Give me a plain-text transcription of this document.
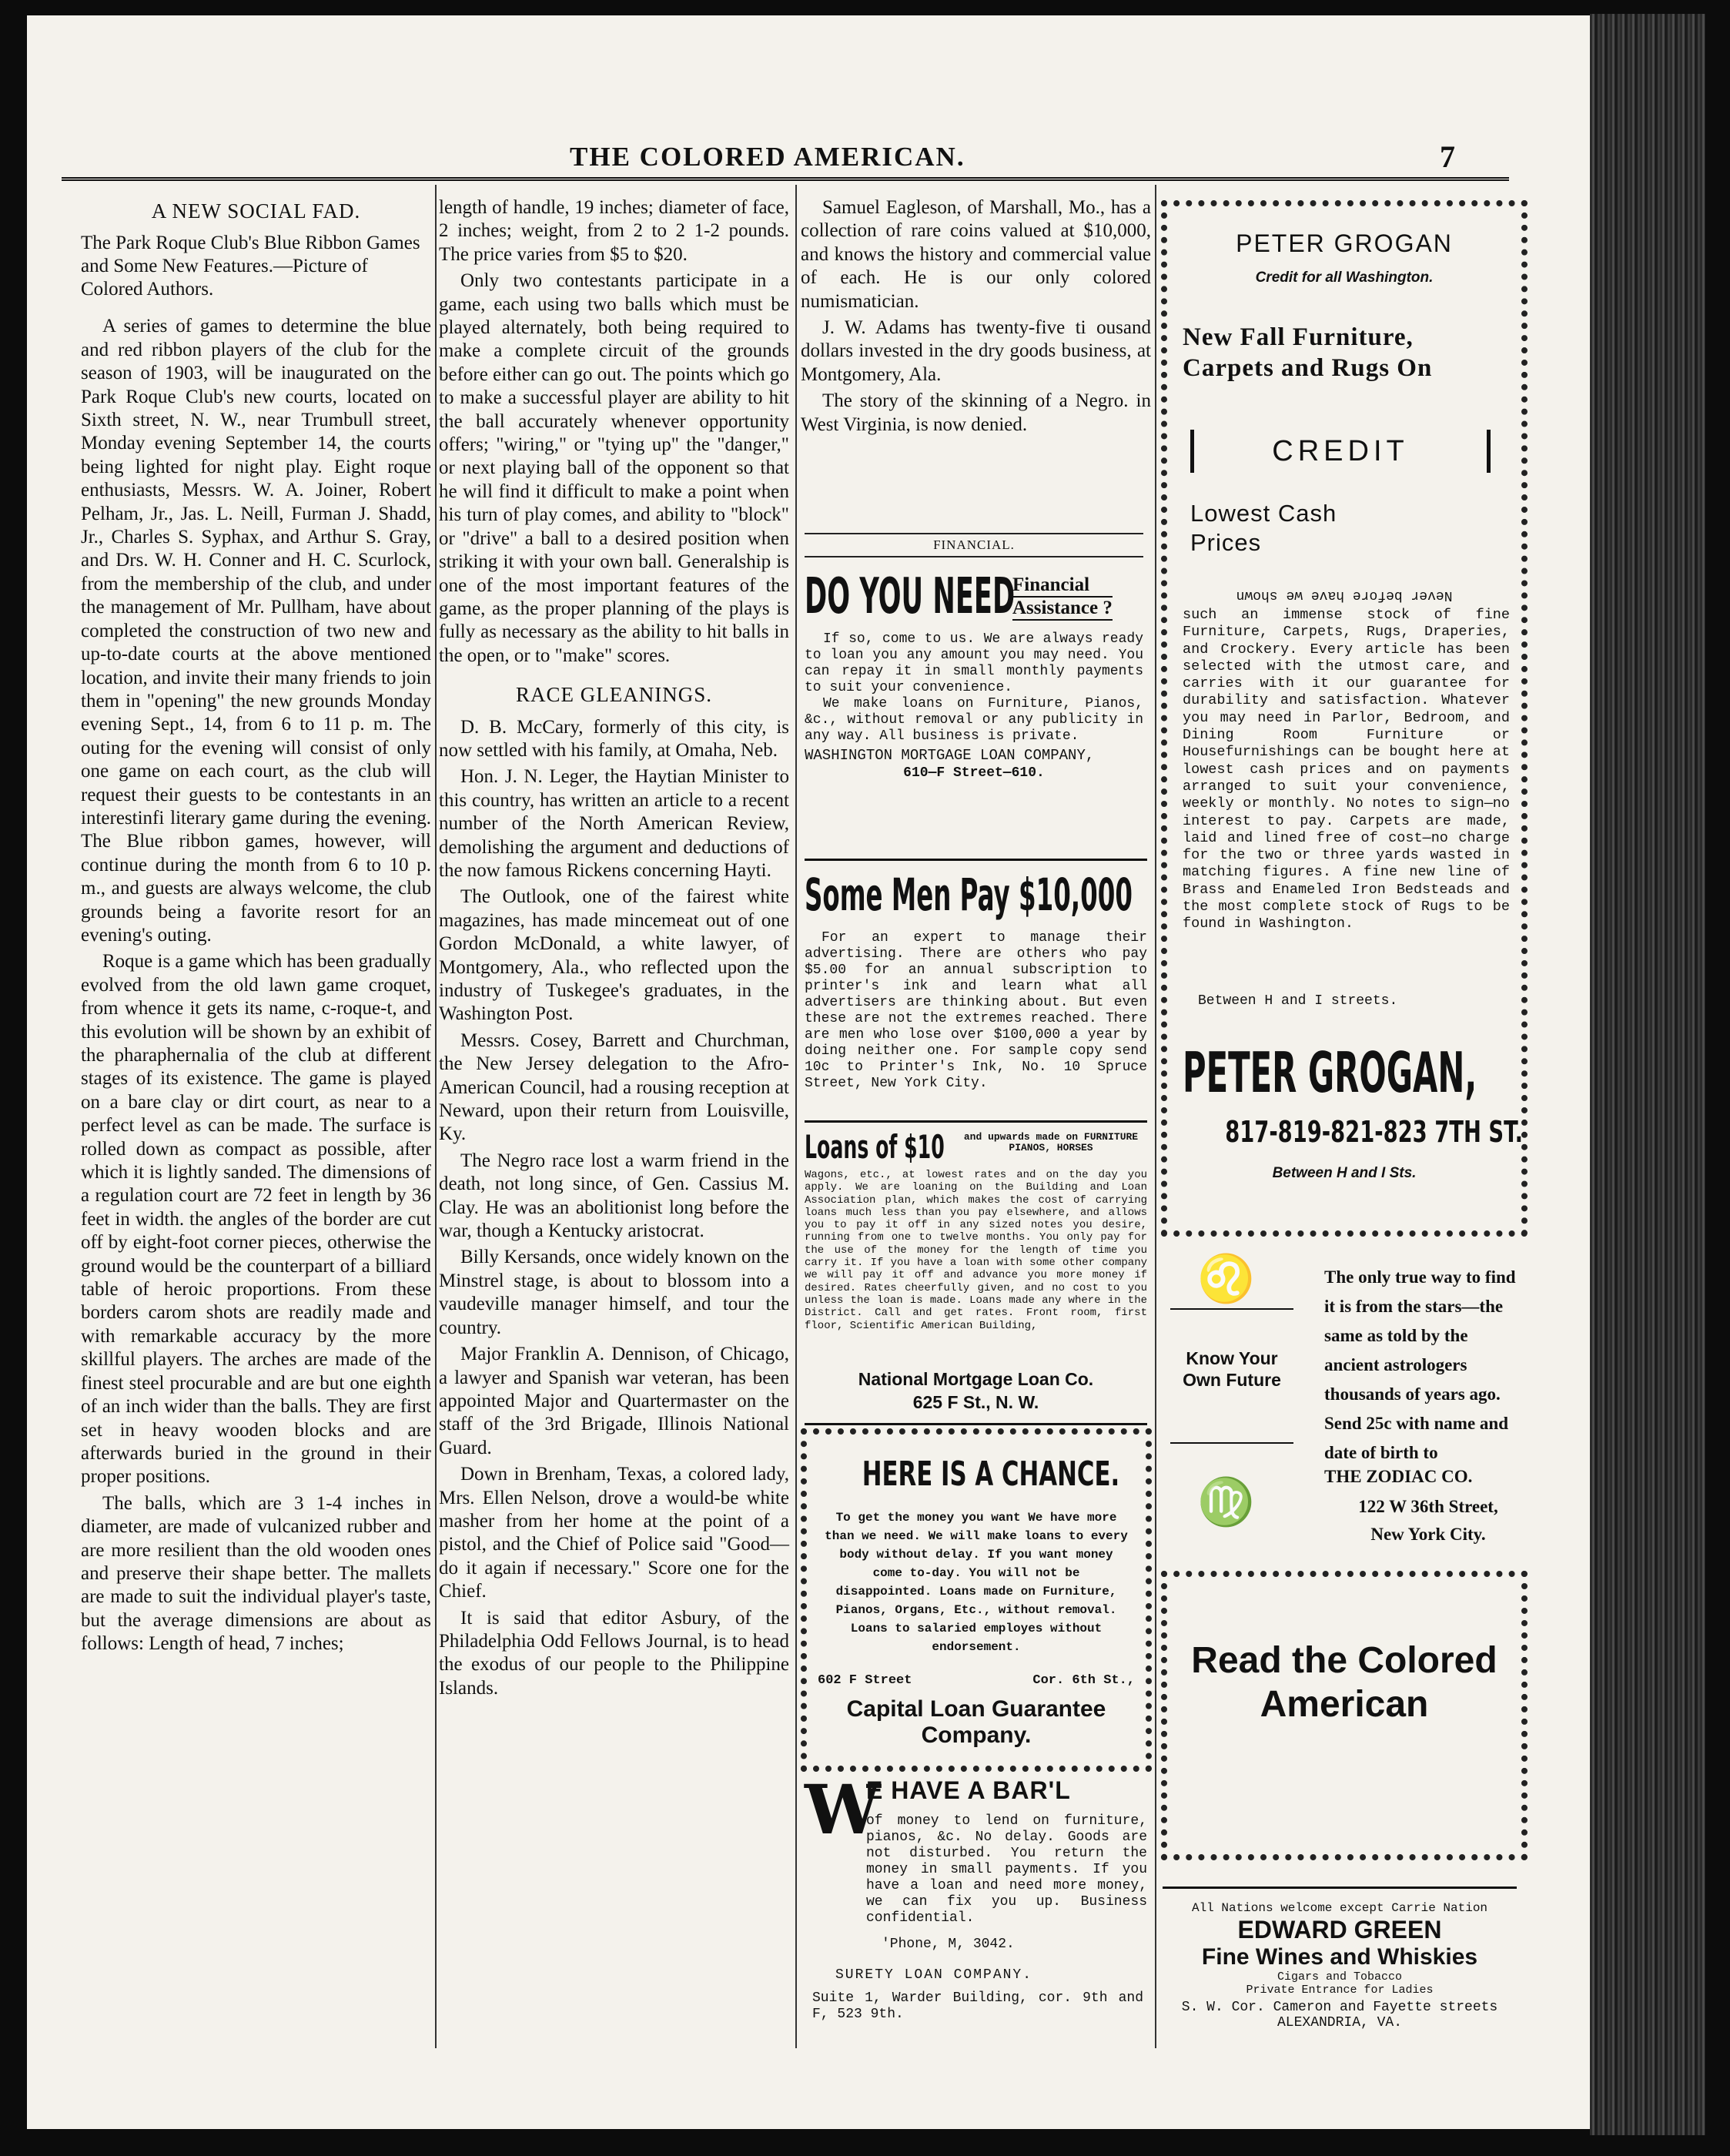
THE COLORED AMERICAN.	7
A NEW SOCIAL FAD.

The Park Roque Club's Blue Ribbon Games and Some New Features.—Picture of Colored Authors.

A series of games to determine the blue and red ribbon players of the club for the season of 1903, will be inaugurated on the Park Roque Club's new courts, located on Sixth street, N. W., near Trumbull street, Monday evening September 14, the courts being lighted for night play. Eight roque enthusiasts, Messrs. W. A. Joiner, Robert Pelham, Jr., Jas. L. Neill, Furman J. Shadd, Jr., Charles S. Syphax, and Arthur S. Gray, and Drs. W. H. Conner and H. C. Scurlock, from the membership of the club, and under the management of Mr. Pullham, have about completed the construction of two new and up-to-date courts at the above mentioned location, and invite their many friends to join them in "opening" the new grounds Monday evening Sept., 14, from 6 to 11 p. m. The outing for the evening will consist of only one game on each court, as the club will request their guests to be contestants in an interestinfi literary game during the evening. The Blue ribbon games, however, will continue during the month from 6 to 10 p. m., and guests are always welcome, the club grounds being a favorite resort for an evening's outing.

Roque is a game which has been gradually evolved from the old lawn game croquet, from whence it gets its name, c-roque-t, and this evolution will be shown by an exhibit of the pharaphernalia of the club at different stages of its existence. The game is played on a bare clay or dirt court, as near to a perfect level as can be made. The surface is rolled down as compact as possible, after which it is lightly sanded. The dimensions of a regulation court are 72 feet in length by 36 feet in width. the angles of the border are cut off by eight-foot corner pieces, otherwise the ground would be the counterpart of a billiard table of heroic proportions. From these borders carom shots are readily made and with remarkable accuracy by the more skillful players. The arches are made of the finest steel procurable and are but one eighth of an inch wider than the balls. They are first set in heavy wooden blocks and are afterwards buried in the ground in their proper positions.

The balls, which are 3 1-4 inches in diameter, are made of vulcanized rubber and are more resilient than the old wooden ones and preserve their shape better. The mallets are made to suit the individual player's taste, but the average dimensions are about as follows: Length of head, 7 inches;

length of handle, 19 inches; diameter of face, 2 inches; weight, from 2 to 2 1-2 pounds. The price varies from $5 to $20.

Only two contestants participate in a game, each using two balls which must be played alternately, both being required to make a complete circuit of the grounds before either can go out. The points which go to make a successful player are ability to hit the ball accurately whenever opportunity offers; "wiring," or "tying up" the "danger," or next playing ball of the opponent so that he will find it difficult to make a point when his turn of play comes, and ability to "block" or "drive" a ball to a desired position when striking it with your own ball. Generalship is one of the most important features of the game, as the proper planning of the plays is fully as necessary as the ability to hit balls in the open, or to "make" scores.

RACE GLEANINGS.

D. B. McCary, formerly of this city, is now settled with his family, at Omaha, Neb.

Hon. J. N. Leger, the Haytian Minister to this country, has written an article to a recent number of the North American Review, demolishing the argument and deductions of the now famous Rickens concerning Hayti.

The Outlook, one of the fairest white magazines, has made mincemeat out of one Gordon McDonald, a white lawyer, of Montgomery, Ala., who reflected upon the industry of Tuskegee's graduates, in the Washington Post.

Messrs. Cosey, Barrett and Churchman, the New Jersey delegation to the Afro-American Council, had a rousing reception at Neward, upon their return from Louisville, Ky.

The Negro race lost a warm friend in the death, not long since, of Gen. Cassius M. Clay. He was an abolitionist long before the war, though a Kentucky aristocrat.

Billy Kersands, once widely known on the Minstrel stage, is about to blossom into a vaudeville manager himself, and tour the country.

Major Franklin A. Dennison, of Chicago, a lawyer and Spanish war veteran, has been appointed Major and Quartermaster on the staff of the 3rd Brigade, Illinois National Guard.

Down in Brenham, Texas, a colored lady, Mrs. Ellen Nelson, drove a would-be white masher from her home at the point of a pistol, and the Chief of Police said "Good—do it again if necessary." Score one for the Chief.

It is said that editor Asbury, of the Philadelphia Odd Fellows Journal, is to head the exodus of our people to the Philippine Islands.

Samuel Eagleson, of Marshall, Mo., has a collection of rare coins valued at $10,000, and knows the history and commercial value of each. He is our only colored numismatician.

J. W. Adams has twenty-five ti ousand dollars invested in the dry goods business, at Montgomery, Ala.

The story of the skinning of a Negro. in West Virginia, is now denied.

FINANCIAL.
DO YOU NEED
Financial
Assistance ?

If so, come to us. We are always ready to loan you any amount you may need. You can repay it in small monthly payments to suit your convenience.

We make loans on Furniture, Pianos, &c., without removal or any publicity in any way. All business is private.

WASHINGTON MORTGAGE LOAN COMPANY,
610—F Street—610.
Some Men Pay $10,000
For an expert to manage their advertising. There are others who pay $5.00 for an annual subscription to printer's ink and learn what all advertisers are thinking about. But even these are not the extremes reached. There are men who lose over $100,000 a year by doing neither one. For sample copy send 10c to Printer's Ink, No. 10 Spruce Street, New York City.
Loans of $10	and upwards made on FURNITURE PIANOS, HORSES
Wagons, etc., at lowest rates and on the day you apply. We are loaning on the Building and Loan Association plan, which makes the cost of carrying loans much less than you pay elsewhere, and allows you to pay it off in any sized notes you desire, running from one to twelve months. You only pay for the use of the money for the length of time you carry it. If you have a loan with some other company we will pay it off and advance you more money if desired. Rates cheerfully given, and no cost to you unless the loan is made. Loans made any where in the District. Call and get rates. Front room, first floor, Scientific American Building,
National Mortgage Loan Co.
625 F St., N. W.
HERE IS A CHANCE.
To get the money you want We have more than we need. We will make loans to every body without delay. If you want money come to-day. You will not be disappointed. Loans made on Furniture, Pianos, Organs, Etc., without removal. Loans to salaried employes without endorsement.
602 F Street	Cor. 6th St.,
Capital Loan Guarantee Company.
W
E HAVE A BAR'L
of money to lend on furniture, pianos, &c. No delay. Goods are not disturbed. You return the money in small payments. If you have a loan and need more money, we can fix you up. Business confidential.
'Phone, M, 3042.
SURETY LOAN COMPANY.
Suite 1, Warder Building, cor. 9th and F, 523 9th.
PETER GROGAN
Credit for all Washington.
New Fall Furniture, Carpets and Rugs On
CREDIT
Lowest Cash Prices
Never before have we shown
such an immense stock of fine Furniture, Carpets, Rugs, Draperies, and Crockery. Every article has been selected with the utmost care, and carries with it our guarantee for durability and satisfaction. Whatever you may need in Parlor, Bedroom, and Dining Room Furniture or Housefurnishings can be bought here at lowest cash prices and on payments arranged to suit your convenience, weekly or monthly. No notes to sign—no interest to pay. Carpets are made, laid and lined free of cost—no charge for the two or three yards wasted in matching figures. A fine new line of Brass and Enameled Iron Bedsteads and the most complete stock of Rugs to be found in Washington.
Between H and I streets.
PETER GROGAN,
817-819-821-823 7TH ST.
Between H and I Sts.
♌
Know Your Own Future
♍
The only true way to find it is from the stars—the same as told by the ancient astrologers thousands of years ago. Send 25c with name and date of birth to
THE ZODIAC CO.
122 W 36th Street, New York City.
Read the Colored American
All Nations welcome except Carrie Nation
EDWARD GREEN
Fine Wines and Whiskies
Cigars and Tobacco
Private Entrance for Ladies
S. W. Cor. Cameron and Fayette streets
ALEXANDRIA, VA.
